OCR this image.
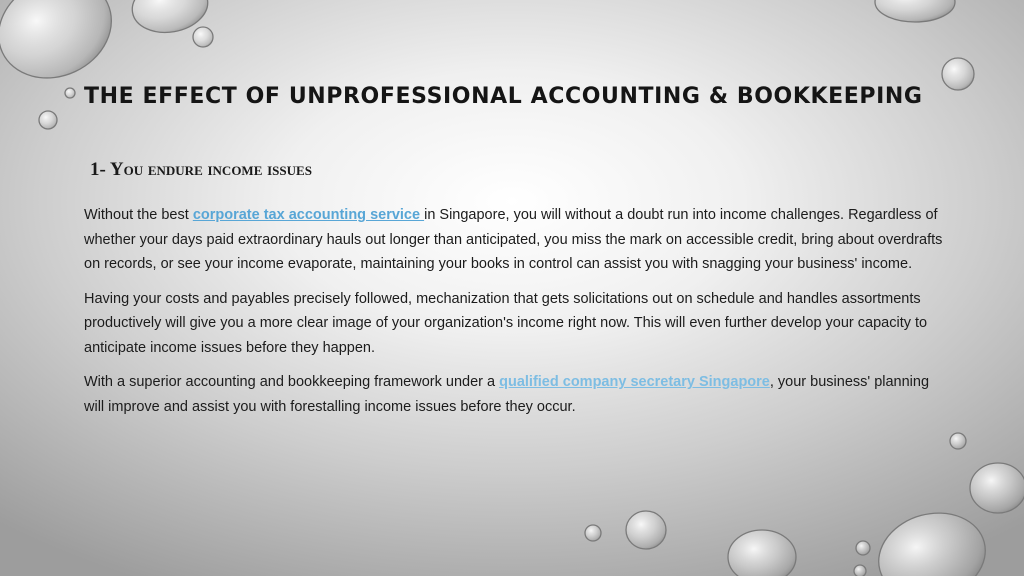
THE EFFECT OF UNPROFESSIONAL ACCOUNTING & BOOKKEEPING
1- You endure income issues

Without the best corporate tax accounting service in Singapore, you will without a doubt run into income challenges. Regardless of whether your days paid extraordinary hauls out longer than anticipated, you miss the mark on accessible credit, bring about overdrafts on records, or see your income evaporate, maintaining your books in control can assist you with snagging your business' income.

Having your costs and payables precisely followed, mechanization that gets solicitations out on schedule and handles assortments productively will give you a more clear image of your organization's income right now. This will even further develop your capacity to anticipate income issues before they happen.

With a superior accounting and bookkeeping framework under a qualified company secretary Singapore, your business' planning will improve and assist you with forestalling income issues before they occur.
